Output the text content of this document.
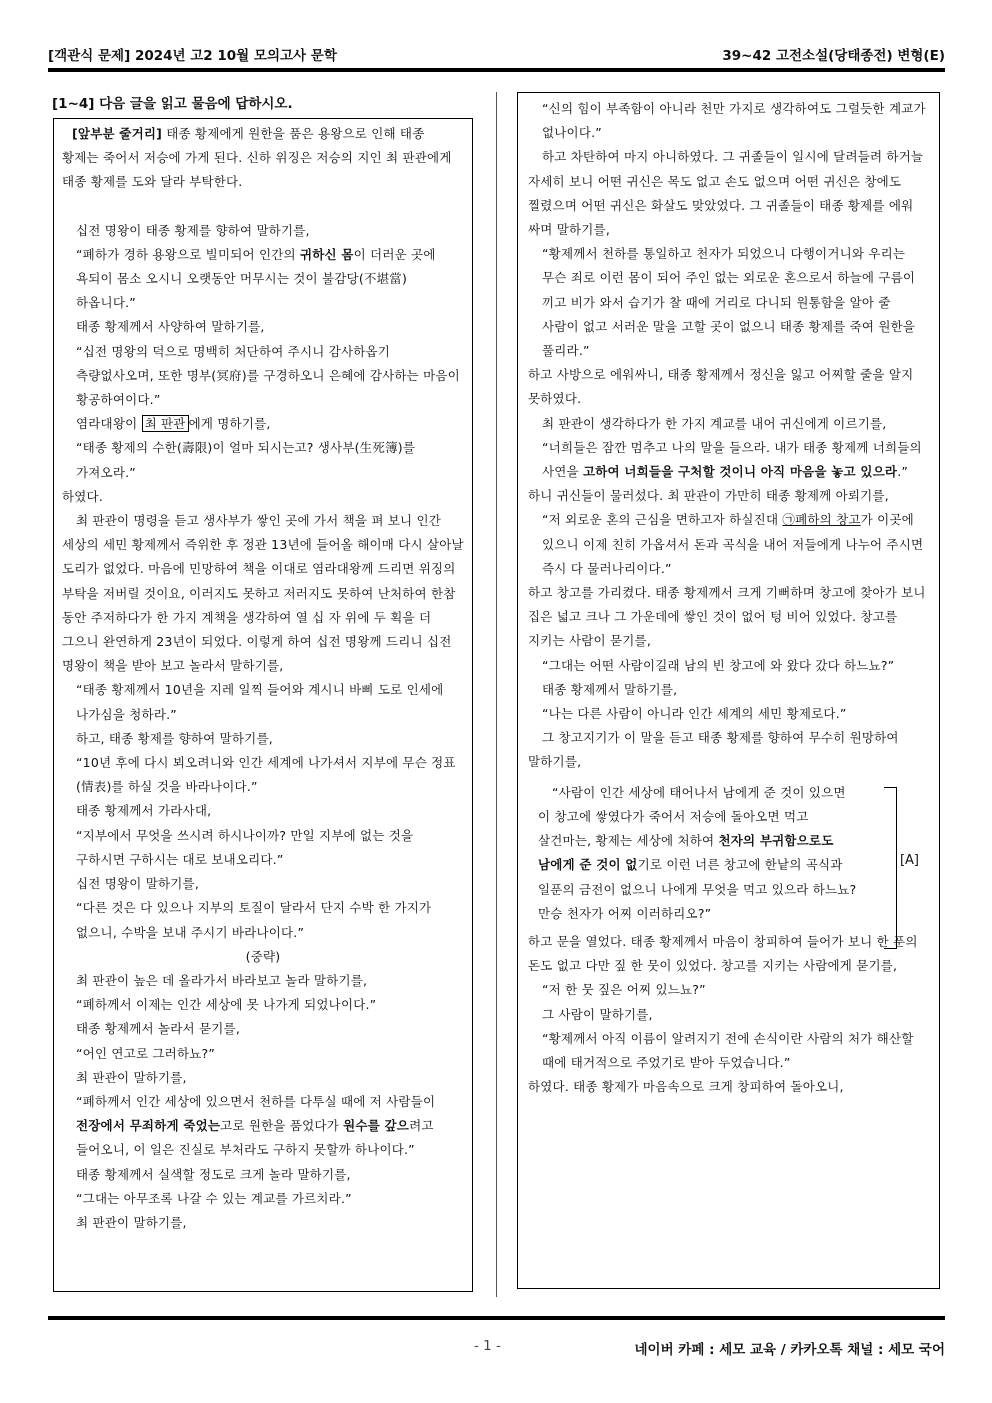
[객관식 문제] 2024년 고2 10월 모의고사 문학	39~42 고전소설(당태종전) 변형(E)
[1~4] 다음 글을 읽고 물음에 답하시오.

[앞부분 줄거리] 태종 황제에게 원한을 품은 용왕으로 인해 태종 황제는 죽어서 저승에 가게 된다. 신하 위징은 저승의 지인 최 판관에게 태종 황제를 도와 달라 부탁한다.

십전 명왕이 태종 황제를 향하여 말하기를,

“폐하가 경하 용왕으로 빌미되어 인간의 귀하신 몸이 더러운 곳에 욕되이 몸소 오시니 오랫동안 머무시는 것이 불감당(不堪當)하옵니다.”

태종 황제께서 사양하여 말하기를,

“십전 명왕의 덕으로 명백히 처단하여 주시니 감사하옵기 측량없사오며, 또한 명부(冥府)를 구경하오니 은혜에 감사하는 마음이 황공하여이다.”

염라대왕이 최 판관 에게 명하기를,

“태종 황제의 수한(壽限)이 얼마 되시는고? 생사부(生死簿)를 가져오라.”

하였다.

최 판관이 명령을 듣고 생사부가 쌓인 곳에 가서 책을 펴 보니 인간 세상의 세민 황제께서 즉위한 후 정관 13년에 들어올 해이매 다시 살아날 도리가 없었다. 마음에 민망하여 책을 이대로 염라대왕께 드리면 위징의 부탁을 저버릴 것이요, 이러지도 못하고 저러지도 못하여 난처하여 한참 동안 주저하다가 한 가지 계책을 생각하여 열 십 자 위에 두 획을 더 그으니 완연하게 23년이 되었다. 이렇게 하여 십전 명왕께 드리니 십전 명왕이 책을 받아 보고 놀라서 말하기를,

“태종 황제께서 10년을 지레 일찍 들어와 계시니 바삐 도로 인세에 나가심을 청하라.”

하고, 태종 황제를 향하여 말하기를,

“10년 후에 다시 뵈오려니와 인간 세계에 나가셔서 지부에 무슨 정표(情表)를 하실 것을 바라나이다.”

태종 황제께서 가라사대,

“지부에서 무엇을 쓰시려 하시나이까? 만일 지부에 없는 것을 구하시면 구하시는 대로 보내오리다.”

십전 명왕이 말하기를,

“다른 것은 다 있으나 지부의 토질이 달라서 단지 수박 한 가지가 없으니, 수박을 보내 주시기 바라나이다.”

(중략)

최 판관이 높은 데 올라가서 바라보고 놀라 말하기를,

“폐하께서 이제는 인간 세상에 못 나가게 되었나이다.”

태종 황제께서 놀라서 묻기를,

“어인 연고로 그러하뇨?”

최 판관이 말하기를,

“폐하께서 인간 세상에 있으면서 천하를 다투실 때에 저 사람들이 전장에서 무죄하게 죽었는고로 원한을 품었다가 원수를 갚으려고 들어오니, 이 일은 진실로 부처라도 구하지 못할까 하나이다.”

태종 황제께서 실색할 정도로 크게 놀라 말하기를,

“그대는 아무조록 나갈 수 있는 계교를 가르치라.”

최 판관이 말하기를,

“신의 힘이 부족함이 아니라 천만 가지로 생각하여도 그럴듯한 계교가 없나이다.”

하고 차탄하여 마지 아니하였다. 그 귀졸들이 일시에 달려들려 하거늘 자세히 보니 어떤 귀신은 목도 없고 손도 없으며 어떤 귀신은 창에도 찔렸으며 어떤 귀신은 화살도 맞았었다. 그 귀졸들이 태종 황제를 에워 싸며 말하기를,

“황제께서 천하를 통일하고 천자가 되었으니 다행이거니와 우리는 무슨 죄로 이런 몸이 되어 주인 없는 외로운 혼으로서 하늘에 구름이 끼고 비가 와서 습기가 찰 때에 거리로 다니되 원통함을 알아 줄 사람이 없고 서러운 말을 고할 곳이 없으니 태종 황제를 죽여 원한을 풀리라.”

하고 사방으로 에워싸니, 태종 황제께서 정신을 잃고 어찌할 줄을 알지 못하였다.

최 판관이 생각하다가 한 가지 계교를 내어 귀신에게 이르기를,

“너희들은 잠깐 멈추고 나의 말을 들으라. 내가 태종 황제께 너희들의 사연을 고하여 너희들을 구처할 것이니 아직 마음을 놓고 있으라.”

하니 귀신들이 물러섰다. 최 판관이 가만히 태종 황제께 아뢰기를,

“저 외로운 혼의 근심을 면하고자 하실진대 ㉠폐하의 창고가 이곳에 있으니 이제 친히 가옵셔서 돈과 곡식을 내어 저들에게 나누어 주시면 즉시 다 물러나리이다.”

하고 창고를 가리켰다. 태종 황제께서 크게 기뻐하며 창고에 찾아가 보니 집은 넓고 크나 그 가운데에 쌓인 것이 없어 텅 비어 있었다. 창고를 지키는 사람이 묻기를,

“그대는 어떤 사람이길래 남의 빈 창고에 와 왔다 갔다 하느뇨?”

태종 황제께서 말하기를,

“나는 다른 사람이 아니라 인간 세계의 세민 황제로다.”

그 창고지기가 이 말을 듣고 태종 황제를 향하여 무수히 원망하여 말하기를,

“사람이 인간 세상에 태어나서 남에게 준 것이 있으면 이 창고에 쌓였다가 죽어서 저승에 돌아오면 먹고 살건마는, 황제는 세상에 처하여 천자의 부귀함으로도 남에게 준 것이 없기로 이런 너른 창고에 한낱의 곡식과 일푼의 금전이 없으니 나에게 무엇을 먹고 있으라 하느뇨? 만승 천자가 어찌 이러하리오?”

[A]

하고 문을 열었다. 태종 황제께서 마음이 창피하여 들어가 보니 한 푼의 돈도 없고 다만 짚 한 뭇이 있었다. 창고를 지키는 사람에게 묻기를,

“저 한 뭇 짚은 어찌 있느뇨?”

그 사람이 말하기를,

“황제께서 아직 이름이 알려지기 전에 손식이란 사람의 처가 해산할 때에 태거적으로 주었기로 받아 두었습니다.”

하였다. 태종 황제가 마음속으로 크게 창피하여 돌아오니,

- 1 -	네이버 카페 : 세모 교육 / 카카오톡 채널 : 세모 국어
